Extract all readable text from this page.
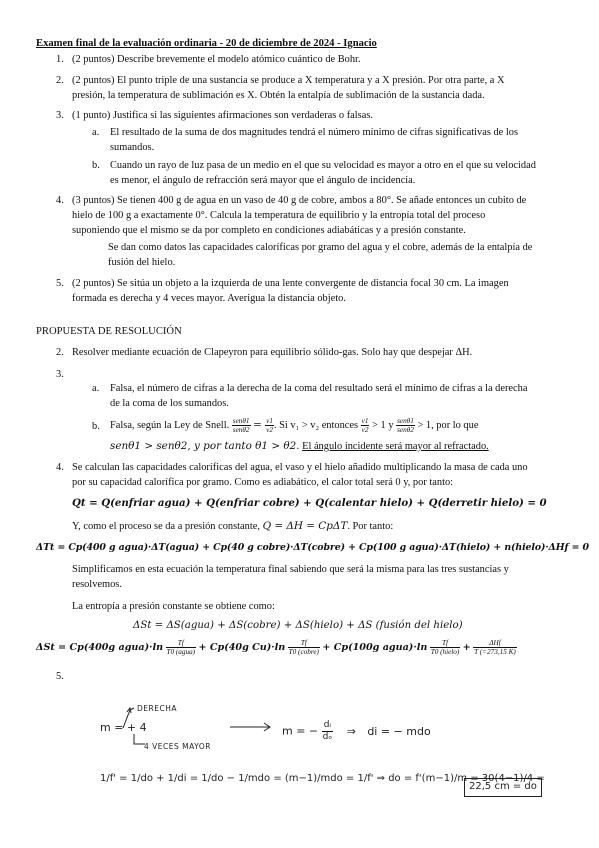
Examen final de la evaluación ordinaria - 20 de diciembre de 2024 - Ignacio
1. (2 puntos) Describe brevemente el modelo atómico cuántico de Bohr.
2. (2 puntos) El punto triple de una sustancia se produce a X temperatura y a X presión. Por otra parte, a X
presión, la temperatura de sublimación es X. Obtén la entalpía de sublimación de la sustancia dada.
3. (1 punto) Justifica si las siguientes afirmaciones son verdaderas o falsas.
a. El resultado de la suma de dos magnitudes tendrá el número mínimo de cifras significativas de los
sumandos.
b. Cuando un rayo de luz pasa de un medio en el que su velocidad es mayor a otro en el que su velocidad
es menor, el ángulo de refracción será mayor que el ángulo de incidencia.
4. (3 puntos) Se tienen 400 g de agua en un vaso de 40 g de cobre, ambos a 80°. Se añade entonces un cubito de
hielo de 100 g a exactamente 0°. Calcula la temperatura de equilibrio y la entropía total del proceso
suponiendo que el mismo se da por completo en condiciones adiabáticas y a presión constante.
Se dan como datos las capacidades caloríficas por gramo del agua y el cobre, además de la entalpía de
fusión del hielo.
5. (2 puntos) Se sitúa un objeto a la izquierda de una lente convergente de distancia focal 30 cm. La imagen
formada es derecha y 4 veces mayor. Averigua la distancia objeto.
PROPUESTA DE RESOLUCIÓN
2. Resolver mediante ecuación de Clapeyron para equilibrio sólido-gas. Solo hay que despejar ΔH.
3.
a. Falsa, el número de cifras a la derecha de la coma del resultado será el mínimo de cifras a la derecha
de la coma de los sumandos.
b. Falsa, según la Ley de Snell. $\frac{\text{senθ1}}{\text{senθ2}} = \frac{v1}{v2}$ . Si v₁ > v₂ entonces $\frac{v1}{v2} > 1$ y $\frac{\text{senθ1}}{\text{senθ2}} > 1$, por lo que
senθ1 > senθ2, y por tanto θ1 > θ2. El ángulo incidente será mayor al refractado.
4. Se calculan las capacidades caloríficas del agua, el vaso y el hielo añadido multiplicando la masa de cada uno
por su capacidad calorífica por gramo. Como es adiabático, el calor total será 0 y, por tanto:
Qt = Q(enfriar agua) + Q(enfriar cobre) + Q(calentar hielo) + Q(derretir hielo) = 0
Y, como el proceso se da a presión constante, Q = ΔH = CpΔT. Por tanto:
ΔTt = Cp(400 g agua)·ΔT(agua) + Cp(40 g cobre)·ΔT(cobre) + Cp(100 g agua)·ΔT(hielo) + n(hielo)·ΔHf = 0
Simplificamos en esta ecuación la temperatura final sabiendo que será la misma para las tres sustancias y
resolvemos.
La entropía a presión constante se obtiene como:
ΔSt = ΔS(agua) + ΔS(cobre) + ΔS(hielo) + ΔS (fusión del hielo)
ΔSt = Cp(400g agua)·ln $\frac{Tf}{\text{T0 (agua)}} + Cp(40g$ $Cu)\cdot\ln \frac{Tf}{\text{T0 (cobre)}} + Cp(100g$ agua)·ln $\frac{Tf}{\text{T0 (hielo)}} + \frac{\text{ΔHf}}{T (=273,15 K)}$
5.
DERECHA
m = + 4
4 VECES MAYOR
m = − $\frac{\text{dᵢ}}{\text{dₒ}}$ ⇒ di = − mdo
1/f' = 1/do + 1/di = 1/do − 1/mdo = (m−1)/mdo = 1/f' ⇒ do = f'(m−1)/m = 30(4−1)/4 =
22,5 cm = do
